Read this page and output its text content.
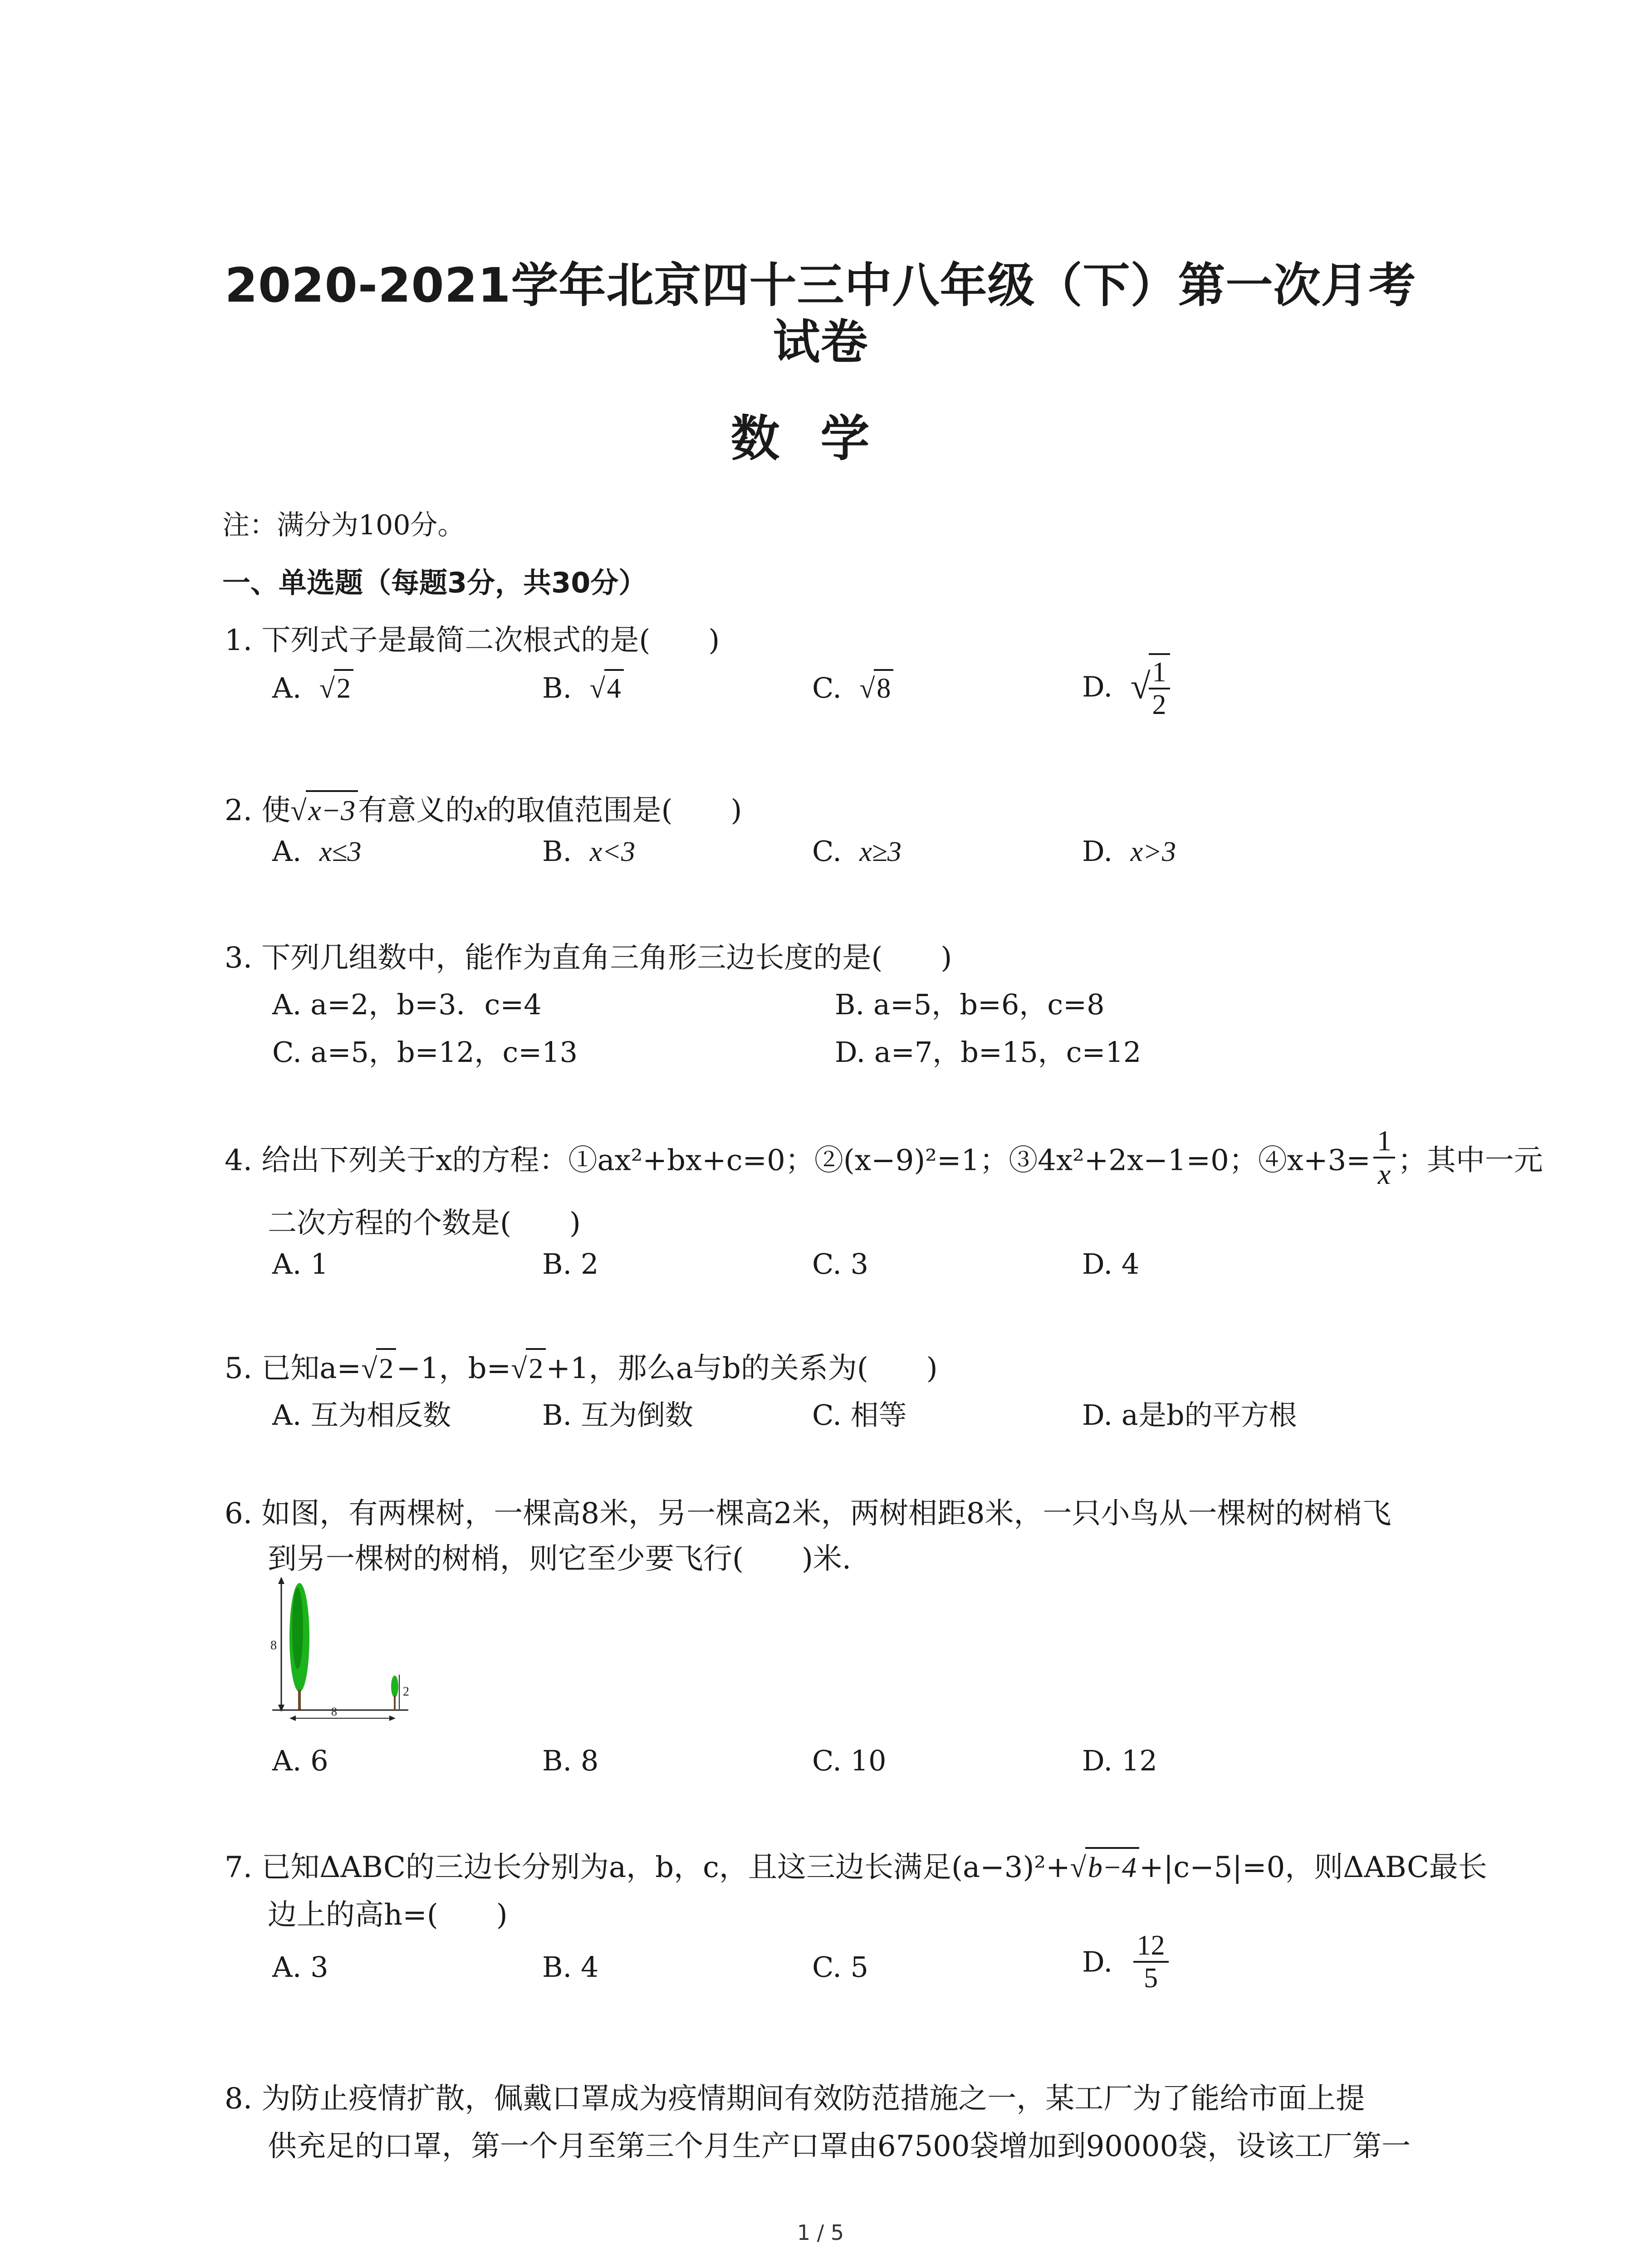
2020-2021学年北京四十三中八年级（下）第一次月考
试卷
数学
注：满分为100分。
一、单选题（每题3分，共30分）
1. 下列式子是最简二次根式的是(　　)
A. √2	B. √4	C. √8	D. √
$\frac{1}{2}$
2. 使√x−3有意义的x的取值范围是(　　)
A. x≤3	B. x<3	C. x≥3	D. x>3
3. 下列几组数中，能作为直角三角形三边长度的是(　　)
A. a=2，b=3．c=4	B. a=5，b=6，c=8
C. a=5，b=12，c=13	D. a=7，b=15，c=12
4. 给出下列关于x的方程：①ax²+bx+c=0；②(x−9)²=1；③4x²+2x−1=0；④x+3= $\frac{1}{x}$ ；其中一元
二次方程的个数是(　　)
A. 1	B. 2	C. 3	D. 4
5. 已知a=√2−1，b=√2+1，那么a与b的关系为(　　)
A. 互为相反数	B. 互为倒数	C. 相等	D. a是b的平方根
6. 如图，有两棵树，一棵高8米，另一棵高2米，两树相距8米，一只小鸟从一棵树的树梢飞
到另一棵树的树梢，则它至少要飞行(　　)米.
8
2
8
A. 6	B. 8	C. 10	D. 12
7. 已知ΔABC的三边长分别为a，b，c，且这三边长满足(a−3)²+√b−4+|c−5|=0，则ΔABC最长
边上的高h=(　　)
A. 3	B. 4	C. 5	D. $\frac{12}{5}$
8. 为防止疫情扩散，佩戴口罩成为疫情期间有效防范措施之一，某工厂为了能给市面上提
供充足的口罩，第一个月至第三个月生产口罩由67500袋增加到90000袋，设该工厂第一
1 / 5
